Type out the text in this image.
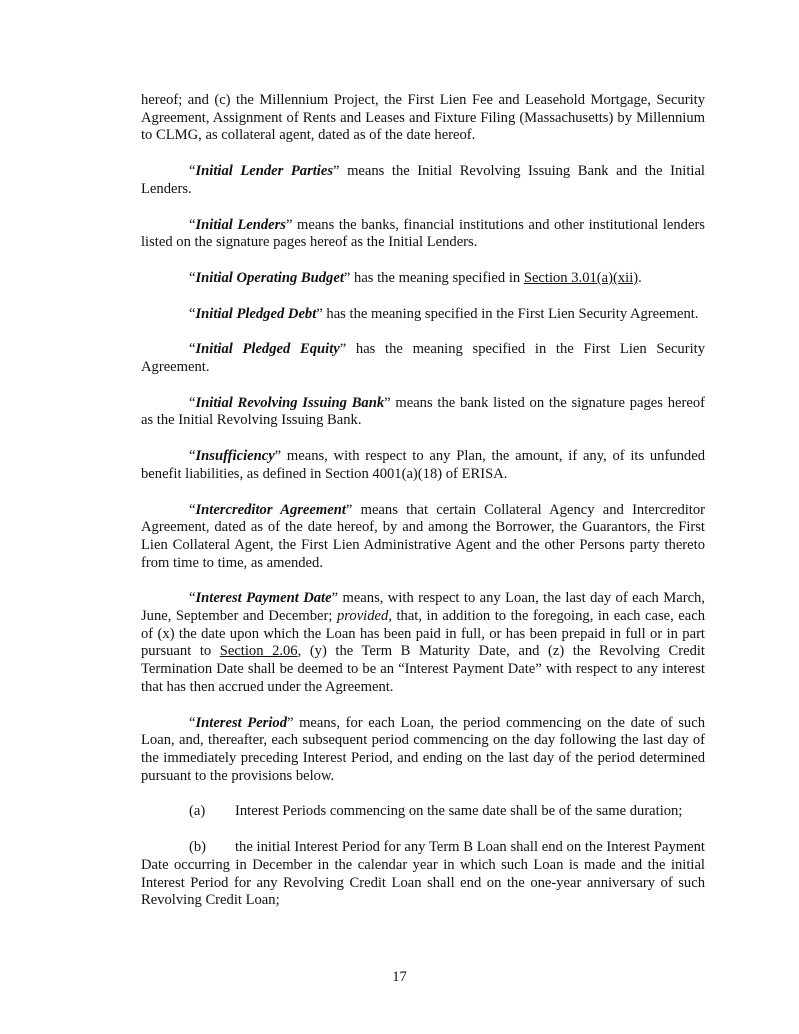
hereof; and (c) the Millennium Project, the First Lien Fee and Leasehold Mortgage, Security Agreement, Assignment of Rents and Leases and Fixture Filing (Massachusetts) by Millennium to CLMG, as collateral agent, dated as of the date hereof.

“Initial Lender Parties” means the Initial Revolving Issuing Bank and the Initial Lenders.

“Initial Lenders” means the banks, financial institutions and other institutional lenders listed on the signature pages hereof as the Initial Lenders.

“Initial Operating Budget” has the meaning specified in Section 3.01(a)(xii).

“Initial Pledged Debt” has the meaning specified in the First Lien Security Agreement.

“Initial Pledged Equity” has the meaning specified in the First Lien Security Agreement.

“Initial Revolving Issuing Bank” means the bank listed on the signature pages hereof as the Initial Revolving Issuing Bank.

“Insufficiency” means, with respect to any Plan, the amount, if any, of its unfunded benefit liabilities, as defined in Section 4001(a)(18) of ERISA.

“Intercreditor Agreement” means that certain Collateral Agency and Intercreditor Agreement, dated as of the date hereof, by and among the Borrower, the Guarantors, the First Lien Collateral Agent, the First Lien Administrative Agent and the other Persons party thereto from time to time, as amended.

“Interest Payment Date” means, with respect to any Loan, the last day of each March, June, September and December; provided, that, in addition to the foregoing, in each case, each of (x) the date upon which the Loan has been paid in full, or has been prepaid in full or in part pursuant to Section 2.06, (y) the Term B Maturity Date, and (z) the Revolving Credit Termination Date shall be deemed to be an “Interest Payment Date” with respect to any interest that has then accrued under the Agreement.

“Interest Period” means, for each Loan, the period commencing on the date of such Loan, and, thereafter, each subsequent period commencing on the day following the last day of the immediately preceding Interest Period, and ending on the last day of the period determined pursuant to the provisions below.

(a) Interest Periods commencing on the same date shall be of the same duration;

(b) the initial Interest Period for any Term B Loan shall end on the Interest Payment Date occurring in December in the calendar year in which such Loan is made and the initial Interest Period for any Revolving Credit Loan shall end on the one-year anniversary of such Revolving Credit Loan;

17
